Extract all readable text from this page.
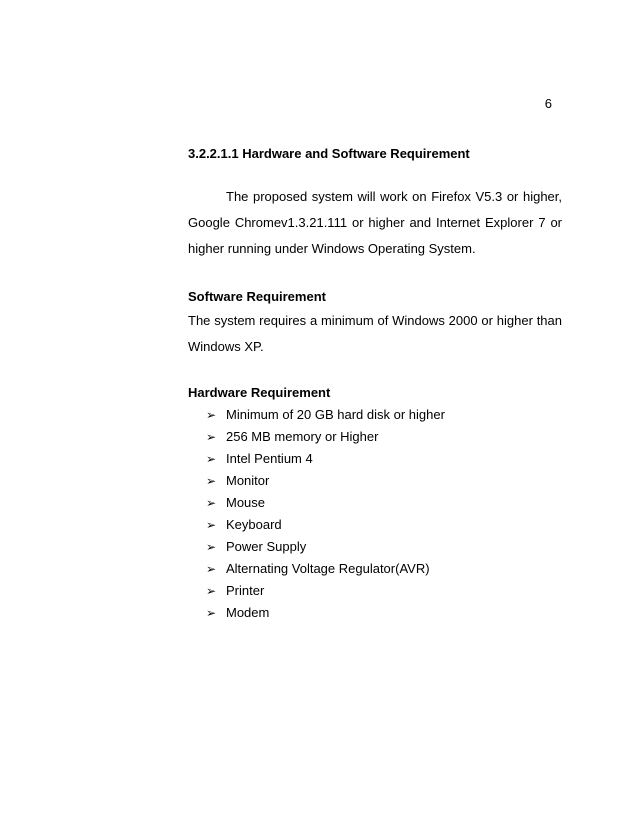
6

3.2.2.1.1 Hardware and Software Requirement

The proposed system will work on Firefox V5.3 or higher, Google Chromev1.3.21.111 or higher and Internet Explorer 7 or higher running under Windows Operating System.

Software Requirement

The system requires a minimum of Windows 2000 or higher than Windows XP.

Hardware Requirement

➢ Minimum of 20 GB hard disk or higher
➢ 256 MB memory or Higher
➢ Intel Pentium 4
➢ Monitor
➢ Mouse
➢ Keyboard
➢ Power Supply
➢ Alternating Voltage Regulator(AVR)
➢ Printer
➢ Modem
